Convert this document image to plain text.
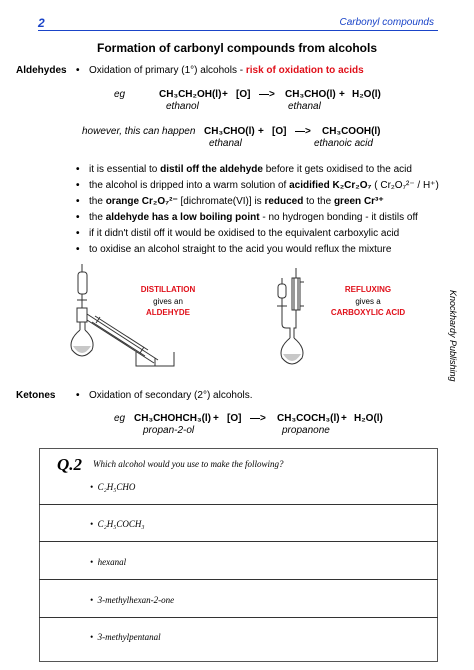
2	Carbonyl compounds
Formation of carbonyl compounds from alcohols
Aldehydes • Oxidation of primary (1°) alcohols - risk of oxidation to acids
eg	CH₃CH₂OH(l) + [O] —> CH₃CHO(l) + H₂O(l)
ethanol	ethanal
however, this can happen CH₃CHO(l) + [O] —> CH₃COOH(l)
ethanal	ethanoic acid
• it is essential to distil off the aldehyde before it gets oxidised to the acid
• the alcohol is dripped into a warm solution of acidified K₂Cr₂O₇ ( Cr₂O₇²⁻ / H⁺)
• the orange Cr₂O₇²⁻ [dichromate(VI)] is reduced to the green Cr³⁺
• the aldehyde has a low boiling point - no hydrogen bonding - it distils off
• if it didn't distil off it would be oxidised to the equivalent carboxylic acid
• to oxidise an alcohol straight to the acid you would reflux the mixture
DISTILLATION
gives an
ALDEHYDE
REFLUXING
gives a
CARBOXYLIC ACID	Knockhardy Publishing
Ketones	• Oxidation of secondary (2°) alcohols.
eg CH₃CHOHCH₃(l) + [O] —> CH₃COCH₃(l) + H₂O(l)
propan-2-ol	propanone
Q.2 Which alcohol would you use to make the following?
•  C₂H₅CHO
•  C₂H₅COCH₃
•  hexanal
•  3-methylhexan-2-one
•  3-methylpentanal
